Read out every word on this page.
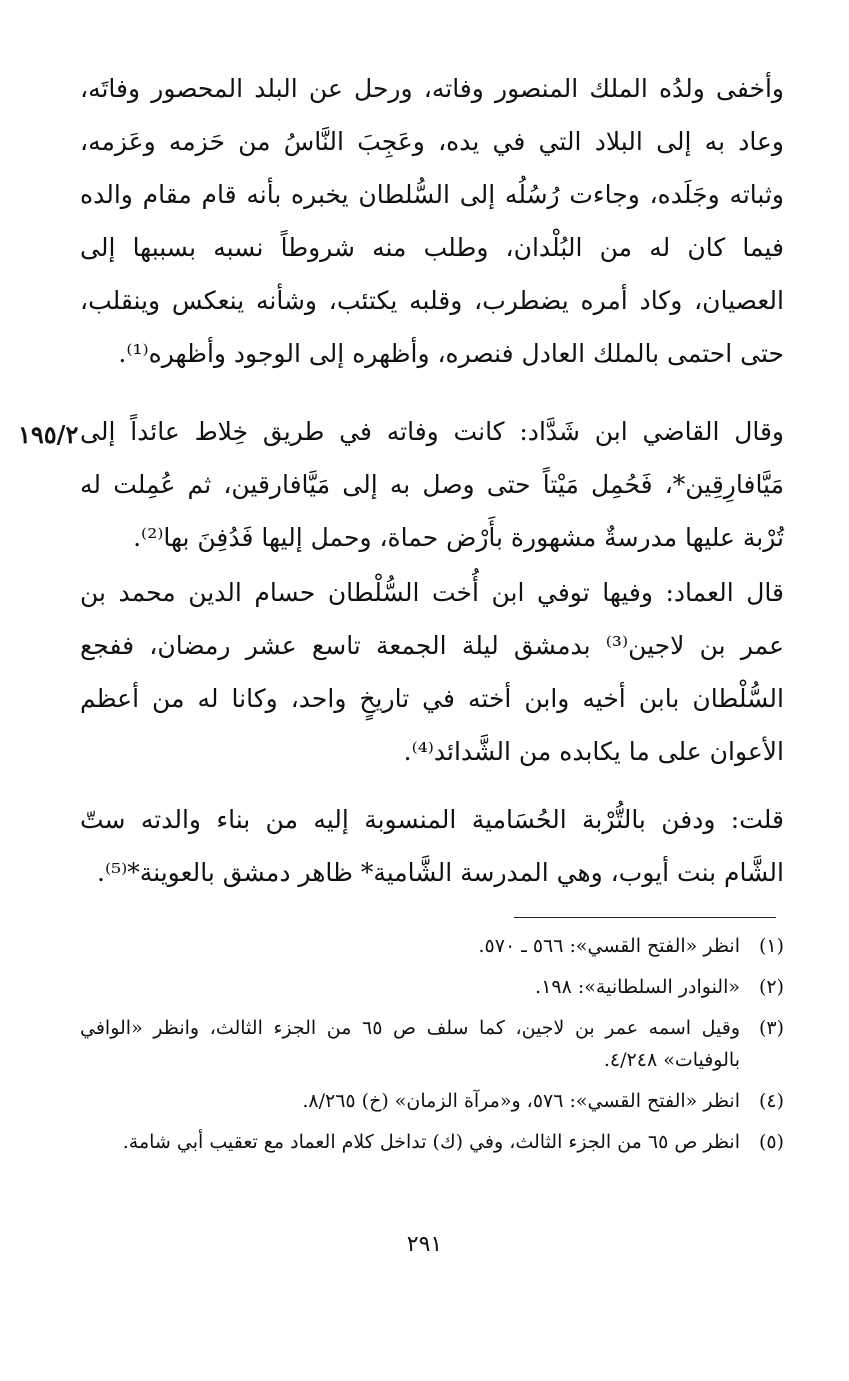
وأخفى ولدُه الملك المنصور وفاته، ورحل عن البلد المحصور وفاتَه، وعاد به إلى البلاد التي في يده، وعَجِبَ النَّاسُ من حَزمه وعَزمه، وثباته وجَلَده، وجاءت رُسُلُه إلى السُّلطان يخبره بأنه قام مقام والده فيما كان له من البُلْدان، وطلب منه شروطاً نسبه بسببها إلى العصيان، وكاد أمره يضطرب، وقلبه يكتئب، وشأنه ينعكس وينقلب، حتى احتمى بالملك العادل فنصره، وأظهره إلى الوجود وأظهره⁽¹⁾.

وقال القاضي ابن شَدَّاد: كانت وفاته في طريق خِلاط عائداً إلى مَيَّافارِقِين*، فَحُمِل مَيْتاً حتى وصل به إلى مَيَّافارقين، ثم عُمِلت له تُرْبة عليها مدرسةٌ مشهورة بأَرْض حماة، وحمل إليها فَدُفِنَ بها⁽²⁾.

١٩٥/٢

قال العماد: وفيها توفي ابن أُخت السُّلْطان حسام الدين محمد بن عمر بن لاجين⁽³⁾ بدمشق ليلة الجمعة تاسع عشر رمضان، ففجع السُّلْطان بابن أخيه وابن أخته في تاريخٍ واحد، وكانا له من أعظم الأعوان على ما يكابده من الشَّدائد⁽⁴⁾.

قلت: ودفن بالتُّرْبة الحُسَامية المنسوبة إليه من بناء والدته ستّ الشَّام بنت أيوب، وهي المدرسة الشَّامية* ظاهر دمشق بالعوينة*⁽⁵⁾.

(١)
انظر «الفتح القسي»: ٥٦٦ ـ ٥٧٠.
(٢)
«النوادر السلطانية»: ١٩٨.
(٣)
وقيل اسمه عمر بن لاجين، كما سلف ص ٦٥ من الجزء الثالث، وانظر «الوافي بالوفيات» ٤/٢٤٨.
(٤)
انظر «الفتح القسي»: ٥٧٦، و«مرآة الزمان» (خ) ٨/٢٦٥.
(٥)
انظر ص ٦٥ من الجزء الثالث، وفي (ك) تداخل كلام العماد مع تعقيب أبي شامة.
٢٩١
